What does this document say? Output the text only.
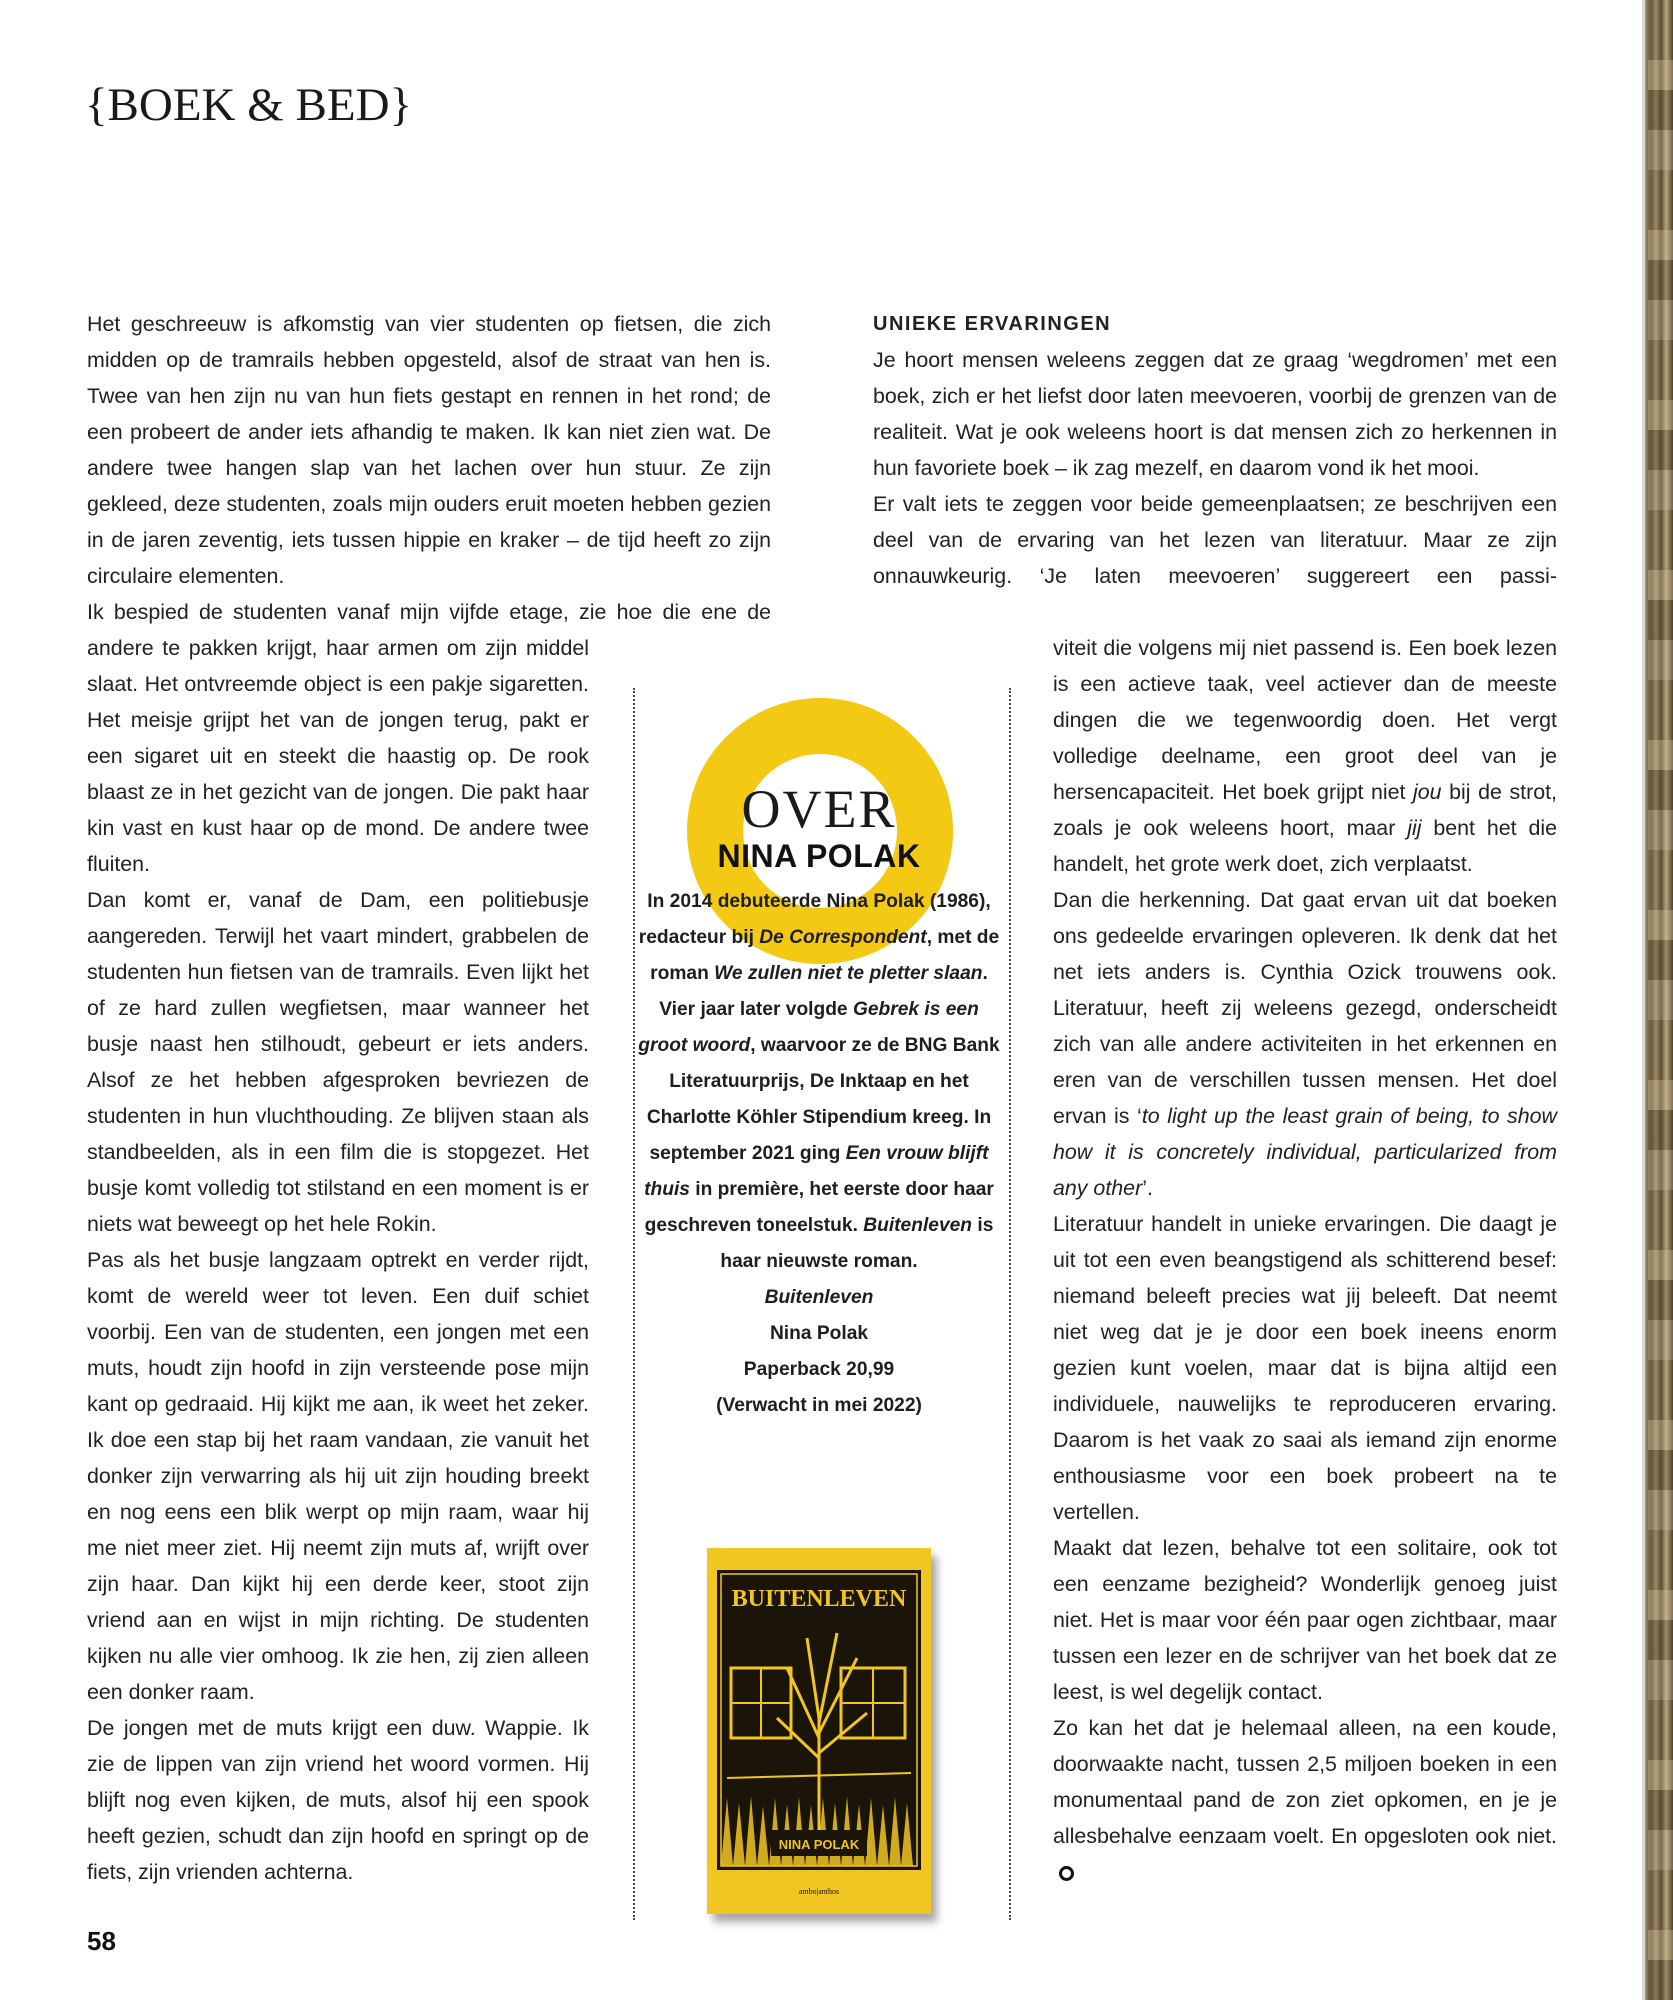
{BOEK & BED}

Het geschreeuw is afkomstig van vier studenten op fietsen, die zich midden op de tramrails hebben opgesteld, alsof de straat van hen is. Twee van hen zijn nu van hun fiets gestapt en rennen in het rond; de een probeert de ander iets afhandig te maken. Ik kan niet zien wat. De andere twee hangen slap van het lachen over hun stuur. Ze zijn gekleed, deze studenten, zoals mijn ouders eruit moeten hebben gezien in de jaren zeventig, iets tussen hippie en kraker – de tijd heeft zo zijn circulaire elementen.

Ik bespied de studenten vanaf mijn vijfde etage, zie hoe die ene de

andere te pakken krijgt, haar armen om zijn middel slaat. Het ontvreemde object is een pakje sigaretten. Het meisje grijpt het van de jongen terug, pakt er een sigaret uit en steekt die haastig op. De rook blaast ze in het gezicht van de jongen. Die pakt haar kin vast en kust haar op de mond. De andere twee fluiten.

Dan komt er, vanaf de Dam, een politiebusje aangereden. Terwijl het vaart mindert, grabbelen de studenten hun fietsen van de tramrails. Even lijkt het of ze hard zullen wegfietsen, maar wanneer het busje naast hen stilhoudt, gebeurt er iets anders. Alsof ze het hebben afgesproken bevriezen de studenten in hun vluchthouding. Ze blijven staan als standbeelden, als in een film die is stopgezet. Het busje komt volledig tot stilstand en een moment is er niets wat beweegt op het hele Rokin.

Pas als het busje langzaam optrekt en verder rijdt, komt de wereld weer tot leven. Een duif schiet voorbij. Een van de studenten, een jongen met een muts, houdt zijn hoofd in zijn versteende pose mijn kant op gedraaid. Hij kijkt me aan, ik weet het zeker. Ik doe een stap bij het raam vandaan, zie vanuit het donker zijn verwarring als hij uit zijn houding breekt en nog eens een blik werpt op mijn raam, waar hij me niet meer ziet. Hij neemt zijn muts af, wrijft over zijn haar. Dan kijkt hij een derde keer, stoot zijn vriend aan en wijst in mijn richting. De studenten kijken nu alle vier omhoog. Ik zie hen, zij zien alleen een donker raam.

De jongen met de muts krijgt een duw. Wappie. Ik zie de lippen van zijn vriend het woord vormen. Hij blijft nog even kijken, de muts, alsof hij een spook heeft gezien, schudt dan zijn hoofd en springt op de fiets, zijn vrienden achterna.

UNIEKE ERVARINGEN

Je hoort mensen weleens zeggen dat ze graag ‘wegdromen’ met een boek, zich er het liefst door laten meevoeren, voorbij de grenzen van de realiteit. Wat je ook weleens hoort is dat mensen zich zo herkennen in hun favoriete boek – ik zag mezelf, en daarom vond ik het mooi.

Er valt iets te zeggen voor beide gemeenplaatsen; ze beschrijven een deel van de ervaring van het lezen van literatuur. Maar ze zijn onnauwkeurig. ‘Je laten meevoeren’ suggereert een passi-

viteit die volgens mij niet passend is. Een boek lezen is een actieve taak, veel actiever dan de meeste dingen die we tegenwoordig doen. Het vergt volledige deelname, een groot deel van je hersencapaciteit. Het boek grijpt niet jou bij de strot, zoals je ook weleens hoort, maar jij bent het die handelt, het grote werk doet, zich verplaatst.

Dan die herkenning. Dat gaat ervan uit dat boeken ons gedeelde ervaringen opleveren. Ik denk dat het net iets anders is. Cynthia Ozick trouwens ook. Literatuur, heeft zij weleens gezegd, onderscheidt zich van alle andere activiteiten in het erkennen en eren van de verschillen tussen mensen. Het doel ervan is ‘to light up the least grain of being, to show how it is concretely individual, particularized from any other’.

Literatuur handelt in unieke ervaringen. Die daagt je uit tot een even beangstigend als schitterend besef: niemand beleeft precies wat jij beleeft. Dat neemt niet weg dat je je door een boek ineens enorm gezien kunt voelen, maar dat is bijna altijd een individuele, nauwelijks te reproduceren ervaring. Daarom is het vaak zo saai als iemand zijn enorme enthousiasme voor een boek probeert na te vertellen.

Maakt dat lezen, behalve tot een solitaire, ook tot een eenzame bezigheid? Wonderlijk genoeg juist niet. Het is maar voor één paar ogen zichtbaar, maar tussen een lezer en de schrijver van het boek dat ze leest, is wel degelijk contact.

Zo kan het dat je helemaal alleen, na een koude, doorwaakte nacht, tussen 2,5 miljoen boeken in een monumentaal pand de zon ziet opkomen, en je je allesbehalve eenzaam voelt. En opgesloten ook niet.

OVER
NINA POLAK

In 2014 debuteerde Nina Polak (1986), redacteur bij De Correspondent, met de roman We zullen niet te pletter slaan. Vier jaar later volgde Gebrek is een groot woord, waarvoor ze de BNG Bank Literatuurprijs, De Inktaap en het Charlotte Köhler Stipendium kreeg. In september 2021 ging Een vrouw blijft thuis in première, het eerste door haar geschreven toneelstuk. Buitenleven is haar nieuwste roman.

Buitenleven

Nina Polak

Paperback 20,99

(Verwacht in mei 2022)

BUITENLEVEN
NINA POLAK
ambo|anthos
58
